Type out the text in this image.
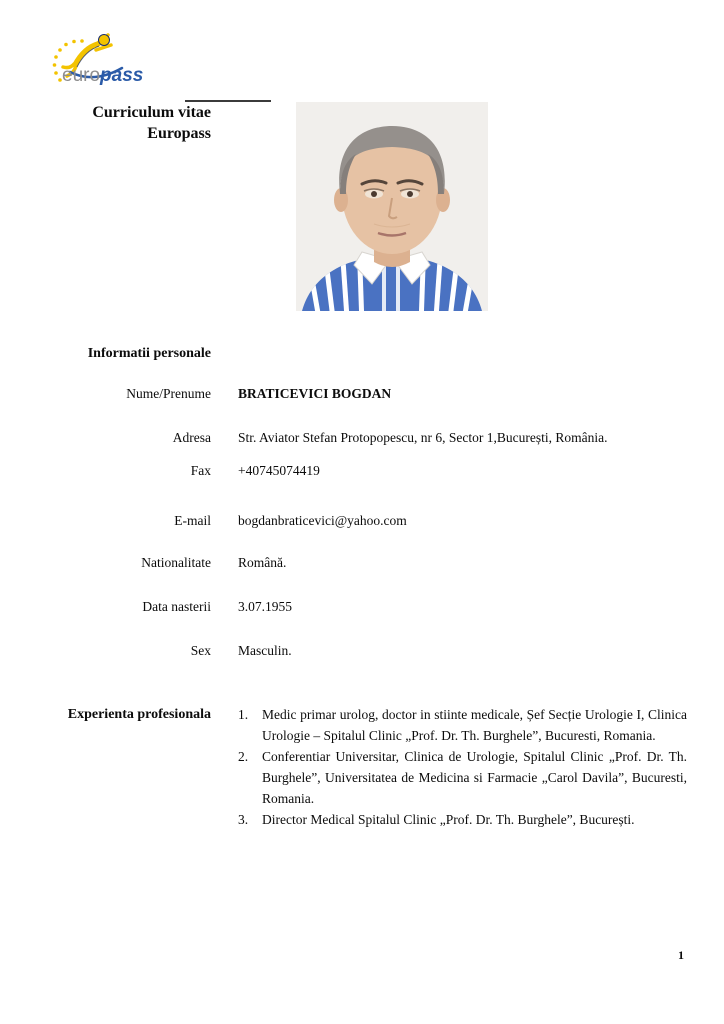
europass
Curriculum vitae
Europass
Informatii personale
Nume/Prenume BRATICEVICI BOGDAN
Adresa Str. Aviator Stefan Protopopescu, nr 6, Sector 1,București, România.
Fax +40745074419
E-mail bogdanbraticevici@yahoo.com
Nationalitate Română.
Data nasterii 3.07.1955
Sex Masculin.
Experienta profesionala 1. Medic primar urolog, doctor in stiinte medicale, Șef Secție Urologie I, Clinica Urologie – Spitalul Clinic „Prof. Dr. Th. Burghele”, Bucuresti, Romania.
2. Conferentiar Universitar, Clinica de Urologie, Spitalul Clinic „Prof. Dr. Th. Burghele”, Universitatea de Medicina si Farmacie „Carol Davila”, Bucuresti, Romania.
3. Director Medical Spitalul Clinic „Prof. Dr. Th. Burghele”, București.
1
